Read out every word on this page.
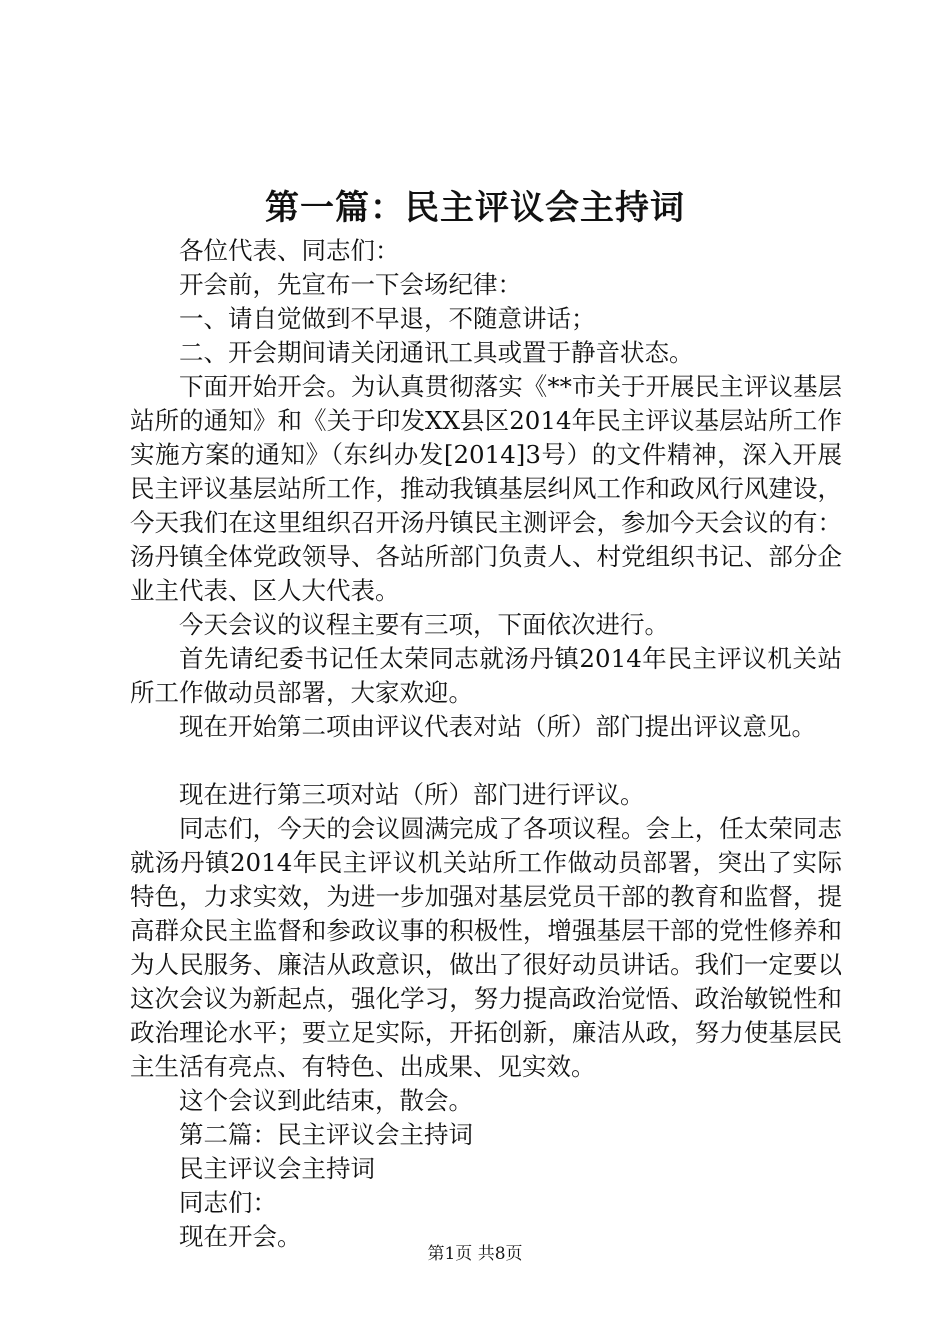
第一篇：民主评议会主持词

各位代表、同志们：

开会前，先宣布一下会场纪律：

一、请自觉做到不早退，不随意讲话；

二、开会期间请关闭通讯工具或置于静音状态。

下面开始开会。为认真贯彻落实《**市关于开展民主评议基层站所的通知》和《关于印发XX县区2014年民主评议基层站所工作实施方案的通知》（东纠办发[2014]3号）的文件精神，深入开展民主评议基层站所工作，推动我镇基层纠风工作和政风行风建设，今天我们在这里组织召开汤丹镇民主测评会，参加今天会议的有：汤丹镇全体党政领导、各站所部门负责人、村党组织书记、部分企业主代表、区人大代表。

今天会议的议程主要有三项，下面依次进行。

首先请纪委书记任太荣同志就汤丹镇2014年民主评议机关站所工作做动员部署，大家欢迎。

现在开始第二项由评议代表对站（所）部门提出评议意见。

现在进行第三项对站（所）部门进行评议。

同志们，今天的会议圆满完成了各项议程。会上，任太荣同志就汤丹镇2014年民主评议机关站所工作做动员部署，突出了实际特色，力求实效，为进一步加强对基层党员干部的教育和监督，提高群众民主监督和参政议事的积极性，增强基层干部的党性修养和为人民服务、廉洁从政意识，做出了很好动员讲话。我们一定要以这次会议为新起点，强化学习，努力提高政治觉悟、政治敏锐性和政治理论水平；要立足实际，开拓创新，廉洁从政，努力使基层民主生活有亮点、有特色、出成果、见实效。

这个会议到此结束，散会。

第二篇：民主评议会主持词

民主评议会主持词

同志们：

现在开会。

第1页 共8页
